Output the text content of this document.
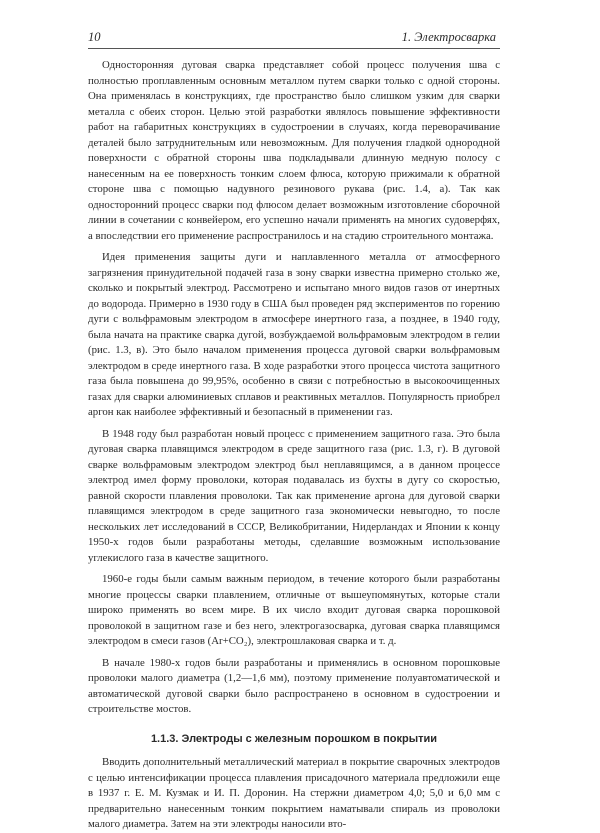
10	1. Электросварка

Односторонняя дуговая сварка представляет собой процесс получения шва с полностью проплавленным основным металлом путем сварки только с одной стороны. Она применялась в конструкциях, где пространство было слишком узким для сварки металла с обеих сторон. Целью этой разработки являлось повышение эффективности работ на габаритных конструкциях в судостроении в случаях, когда переворачивание деталей было затруднительным или невозможным. Для получения гладкой однородной поверхности с обратной стороны шва подкладывали длинную медную полосу с нанесенным на ее поверхность тонким слоем флюса, которую прижимали к обратной стороне шва с помощью надувного резинового рукава (рис. 1.4, а). Так как односторонний процесс сварки под флюсом делает возможным изготовление сборочной линии в сочетании с конвейером, его успешно начали применять на многих судоверфях, а впоследствии его применение распространилось и на стадию строительного монтажа.

Идея применения защиты дуги и наплавленного металла от атмосферного загрязнения принудительной подачей газа в зону сварки известна примерно столько же, сколько и покрытый электрод. Рассмотрено и испытано много видов газов от инертных до водорода. Примерно в 1930 году в США был проведен ряд экспериментов по горению дуги с вольфрамовым электродом в атмосфере инертного газа, а позднее, в 1940 году, была начата на практике сварка дугой, возбуждаемой вольфрамовым электродом в гелии (рис. 1.3, в). Это было началом применения процесса дуговой сварки вольфрамовым электродом в среде инертного газа. В ходе разработки этого процесса чистота защитного газа была повышена до 99,95%, особенно в связи с потребностью в высокоочищенных газах для сварки алюминиевых сплавов и реактивных металлов. Популярность приобрел аргон как наиболее эффективный и безопасный в применении газ.

В 1948 году был разработан новый процесс с применением защитного газа. Это была дуговая сварка плавящимся электродом в среде защитного газа (рис. 1.3, г). В дуговой сварке вольфрамовым электродом электрод был неплавящимся, а в данном процессе электрод имел форму проволоки, которая подавалась из бухты в дугу со скоростью, равной скорости плавления проволоки. Так как применение аргона для дуговой сварки плавящимся электродом в среде защитного газа экономически невыгодно, то после нескольких лет исследований в СССР, Великобритании, Нидерландах и Японии к концу 1950-х годов были разработаны методы, сделавшие возможным использование углекислого газа в качестве защитного.

1960-е годы были самым важным периодом, в течение которого были разработаны многие процессы сварки плавлением, отличные от вышеупомянутых, которые стали широко применять во всем мире. В их число входит дуговая сварка порошковой проволокой в защитном газе и без него, электрогазосварка, дуговая сварка плавящимся электродом в смеси газов (Ar+CO₂), электрошлаковая сварка и т. д.

В начале 1980-х годов были разработаны и применялись в основном порошковые проволоки малого диаметра (1,2—1,6 мм), поэтому применение полуавтоматической и автоматической дуговой сварки было распространено в основном в судостроении и строительстве мостов.

1.1.3. Электроды с железным порошком в покрытии

Вводить дополнительный металлический материал в покрытие сварочных электродов с целью интенсификации процесса плавления присадочного материала предложили еще в 1937 г. Е. М. Кузмак и И. П. Доронин. На стержни диаметром 4,0; 5,0 и 6,0 мм с предварительно нанесенным тонким покрытием наматывали спираль из проволоки малого диаметра. Затем на эти электроды наносили вто-
